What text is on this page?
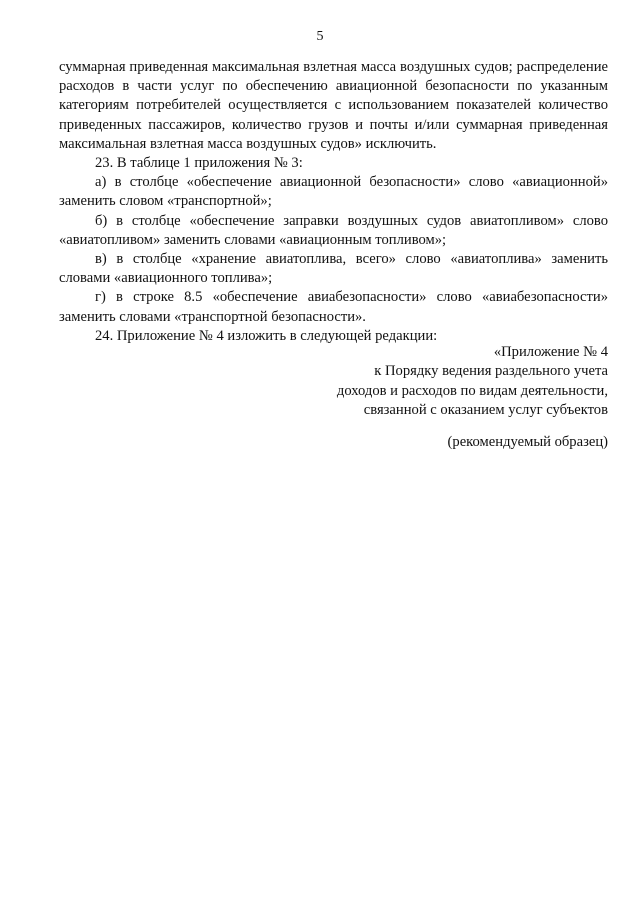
5

суммарная приведенная максимальная взлетная масса воздушных судов; распределение расходов в части услуг по обеспечению авиационной безопасности по указанным категориям потребителей осуществляется с использованием показателей количество приведенных пассажиров, количество грузов и почты и/или суммарная приведенная максимальная взлетная масса воздушных судов» исключить.

23. В таблице 1 приложения № 3:

а) в столбце «обеспечение авиационной безопасности» слово «авиационной» заменить словом «транспортной»;

б) в столбце «обеспечение заправки воздушных судов авиатопливом» слово «авиатопливом» заменить словами «авиационным топливом»;

в) в столбце «хранение авиатоплива, всего» слово «авиатоплива» заменить словами «авиационного топлива»;

г) в строке 8.5 «обеспечение авиабезопасности» слово «авиабезопасности» заменить словами «транспортной безопасности».

24. Приложение № 4 изложить в следующей редакции:

«Приложение № 4
к Порядку ведения раздельного учета
доходов и расходов по видам деятельности,
связанной с оказанием услуг субъектов
(рекомендуемый образец)
